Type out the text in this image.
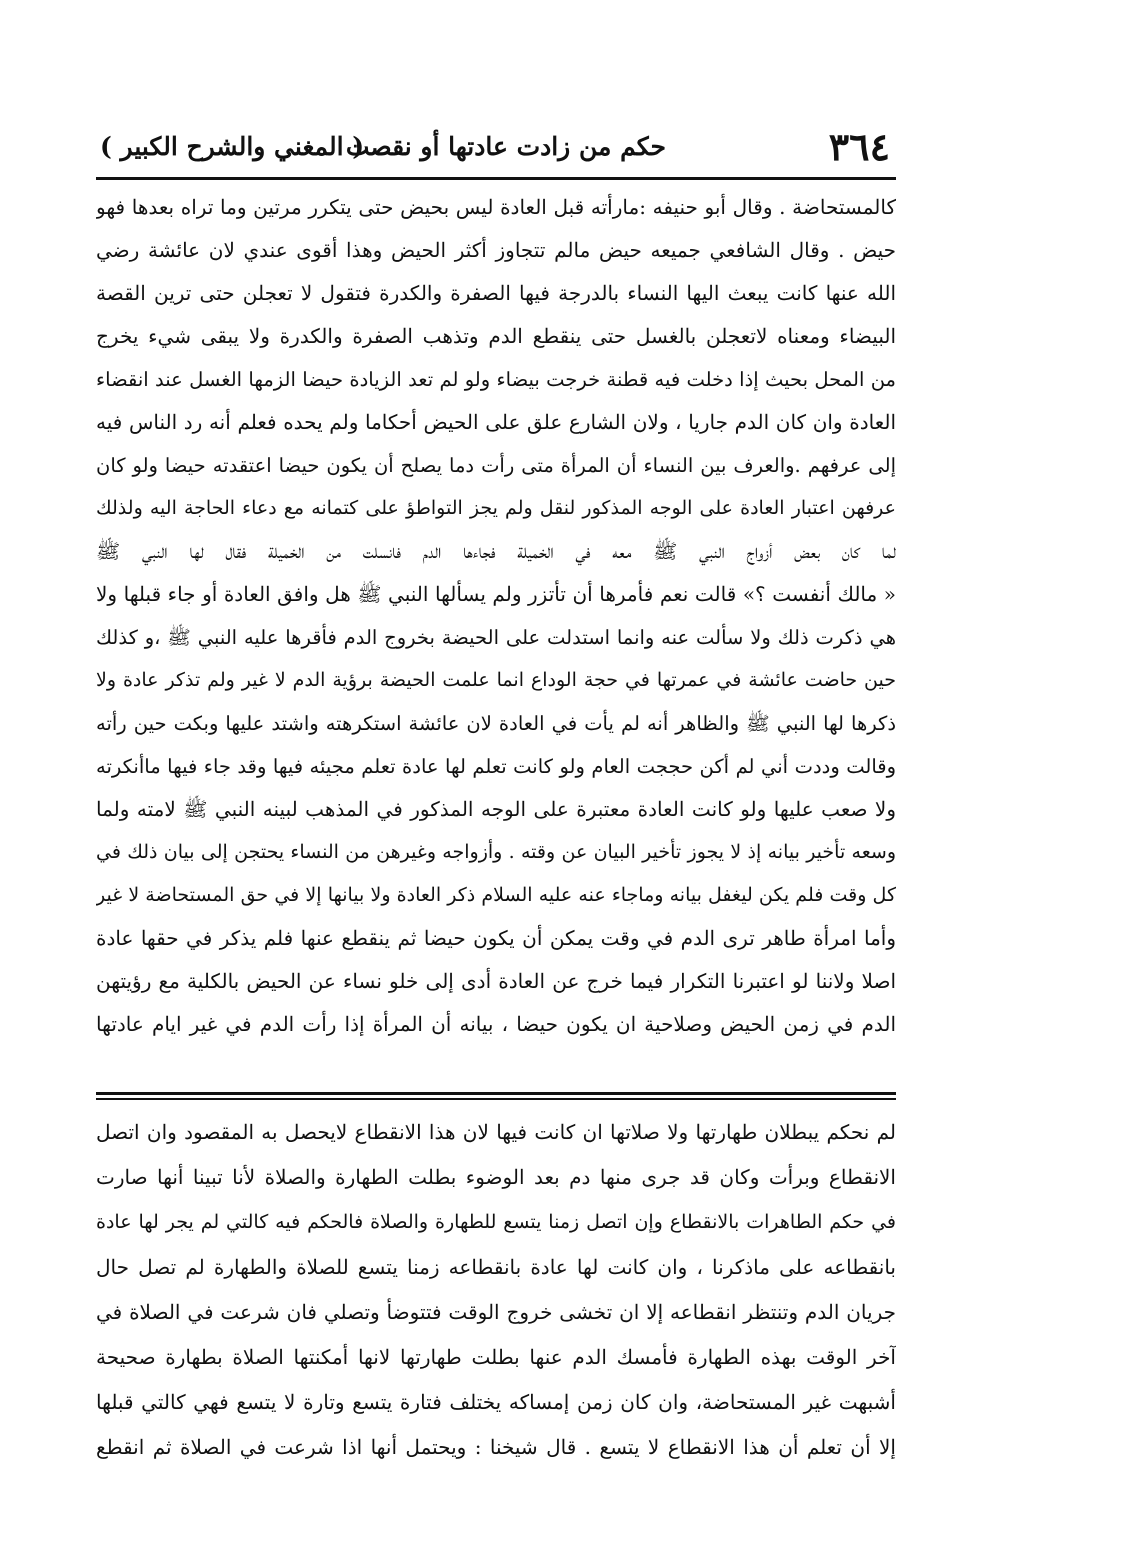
٣٦٤
حكم من زادت عادتها أو نقصت
( المغني والشرح الكبير )
كالمستحاضة . وقال أبو حنيفه :مارأته قبل العادة ليس بحيض حتى يتكرر مرتين وما تراه بعدها فهو
حيض . وقال الشافعي جميعه حيض مالم تتجاوز أكثر الحيض وهذا أقوى عندي لان عائشة رضي
الله عنها كانت يبعث اليها النساء بالدرجة فيها الصفرة والكدرة فتقول لا تعجلن حتى ترين القصة
البيضاء ومعناه لاتعجلن بالغسل حتى ينقطع الدم وتذهب الصفرة والكدرة ولا يبقى شيء يخرج
من المحل بحيث إذا دخلت فيه قطنة خرجت بيضاء ولو لم تعد الزيادة حيضا الزمها الغسل عند انقضاء
العادة وان كان الدم جاريا ، ولان الشارع علق على الحيض أحكاما ولم يحده فعلم أنه رد الناس فيه
إلى عرفهم .والعرف بين النساء أن المرأة متى رأت دما يصلح أن يكون حيضا اعتقدته حيضا ولو كان
عرفهن اعتبار العادة على الوجه المذكور لنقل ولم يجز التواطؤ على كتمانه مع دعاء الحاجة اليه ولذلك
لما كان بعض أزواج النبي ﷺ معه في الخميلة فجاءها الدم فانسلت من الخميلة فقال لها النبي ﷺ
« مالك أنفست ؟» قالت نعم فأمرها أن تأتزر ولم يسألها النبي ﷺ هل وافق العادة أو جاء قبلها ولا
هي ذكرت ذلك ولا سألت عنه وانما استدلت على الحيضة بخروج الدم فأقرها عليه النبي ﷺ ،و كذلك
حين حاضت عائشة في عمرتها في حجة الوداع انما علمت الحيضة برؤية الدم لا غير ولم تذكر عادة ولا
ذكرها لها النبي ﷺ والظاهر أنه لم يأت في العادة لان عائشة استكرهته واشتد عليها وبكت حين رأته
وقالت وددت أني لم أكن حججت العام ولو كانت تعلم لها عادة تعلم مجيئه فيها وقد جاء فيها ماأنكرته
ولا صعب عليها ولو كانت العادة معتبرة على الوجه المذكور في المذهب لبينه النبي ﷺ لامته ولما
وسعه تأخير بيانه إذ لا يجوز تأخير البيان عن وقته . وأزواجه وغيرهن من النساء يحتجن إلى بيان ذلك في
كل وقت فلم يكن ليغفل بيانه وماجاء عنه عليه السلام ذكر العادة ولا بيانها إلا في حق المستحاضة لا غير
وأما امرأة طاهر ترى الدم في وقت يمكن أن يكون حيضا ثم ينقطع عنها فلم يذكر في حقها عادة
اصلا ولاننا لو اعتبرنا التكرار فيما خرج عن العادة أدى إلى خلو نساء عن الحيض بالكلية مع رؤيتهن
الدم في زمن الحيض وصلاحية ان يكون حيضا ، بيانه أن المرأة إذا رأت الدم في غير ايام عادتها
لم نحكم يبطلان طهارتها ولا صلاتها ان كانت فيها لان هذا الانقطاع لايحصل به المقصود وان اتصل
الانقطاع وبرأت وكان قد جرى منها دم بعد الوضوء بطلت الطهارة والصلاة لأنا تبينا أنها صارت
في حكم الطاهرات بالانقطاع وإن اتصل زمنا يتسع للطهارة والصلاة فالحكم فيه كالتي لم يجر لها عادة
بانقطاعه على ماذكرنا ، وان كانت لها عادة بانقطاعه زمنا يتسع للصلاة والطهارة لم تصل حال
جريان الدم وتنتظر انقطاعه إلا ان تخشى خروج الوقت فتتوضأ وتصلي فان شرعت في الصلاة في
آخر الوقت بهذه الطهارة فأمسك الدم عنها بطلت طهارتها لانها أمكنتها الصلاة بطهارة صحيحة
أشبهت غير المستحاضة، وان كان زمن إمساكه يختلف فتارة يتسع وتارة لا يتسع فهي كالتي قبلها
إلا أن تعلم أن هذا الانقطاع لا يتسع . قال شيخنا : ويحتمل أنها اذا شرعت في الصلاة ثم انقطع
